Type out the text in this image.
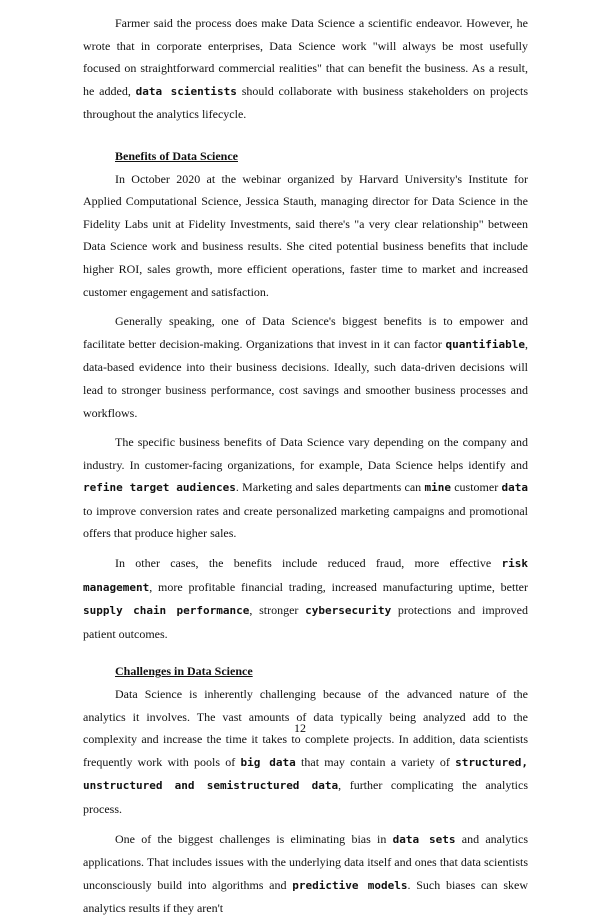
Farmer said the process does make Data Science a scientific endeavor. However, he wrote that in corporate enterprises, Data Science work "will always be most usefully focused on straightforward commercial realities" that can benefit the business. As a result, he added, data scientists should collaborate with business stakeholders on projects throughout the analytics lifecycle.

Benefits of Data Science

In October 2020 at the webinar organized by Harvard University's Institute for Applied Computational Science, Jessica Stauth, managing director for Data Science in the Fidelity Labs unit at Fidelity Investments, said there's "a very clear relationship" between Data Science work and business results. She cited potential business benefits that include higher ROI, sales growth, more efficient operations, faster time to market and increased customer engagement and satisfaction.

Generally speaking, one of Data Science's biggest benefits is to empower and facilitate better decision-making. Organizations that invest in it can factor quantifiable, data-based evidence into their business decisions. Ideally, such data-driven decisions will lead to stronger business performance, cost savings and smoother business processes and workflows.

The specific business benefits of Data Science vary depending on the company and industry. In customer-facing organizations, for example, Data Science helps identify and refine target audiences. Marketing and sales departments can mine customer data to improve conversion rates and create personalized marketing campaigns and promotional offers that produce higher sales.

In other cases, the benefits include reduced fraud, more effective risk management, more profitable financial trading, increased manufacturing uptime, better supply chain performance, stronger cybersecurity protections and improved patient outcomes.

Challenges in Data Science

Data Science is inherently challenging because of the advanced nature of the analytics it involves. The vast amounts of data typically being analyzed add to the complexity and increase the time it takes to complete projects. In addition, data scientists frequently work with pools of big data that may contain a variety of structured, unstructured and semistructured data, further complicating the analytics process.

One of the biggest challenges is eliminating bias in data sets and analytics applications. That includes issues with the underlying data itself and ones that data scientists unconsciously build into algorithms and predictive models. Such biases can skew analytics results if they aren't

12
